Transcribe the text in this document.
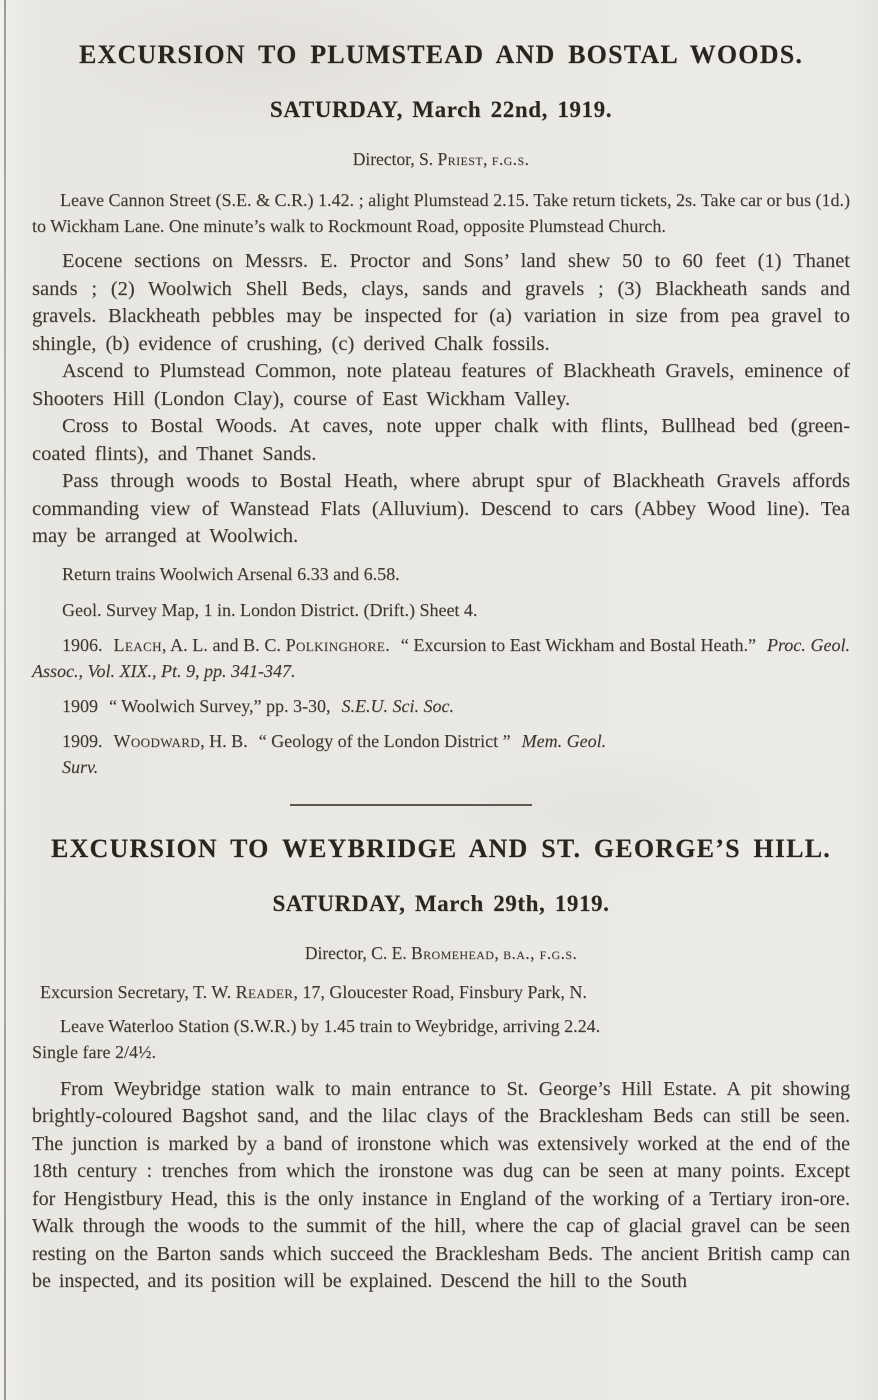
EXCURSION TO PLUMSTEAD AND BOSTAL WOODS.
SATURDAY, March 22nd, 1919.

Director, S. Priest, f.g.s.

Leave Cannon Street (S.E. & C.R.) 1.42. ; alight Plumstead 2.15. Take return tickets, 2s. Take car or bus (1d.) to Wickham Lane. One minute’s walk to Rockmount Road, opposite Plumstead Church.

Eocene sections on Messrs. E. Proctor and Sons’ land shew 50 to 60 feet (1) Thanet sands ; (2) Woolwich Shell Beds, clays, sands and gravels ; (3) Blackheath sands and gravels. Blackheath pebbles may be inspected for (a) variation in size from pea gravel to shingle, (b) evidence of crushing, (c) derived Chalk fossils.

Ascend to Plumstead Common, note plateau features of Blackheath Gravels, eminence of Shooters Hill (London Clay), course of East Wickham Valley.

Cross to Bostal Woods. At caves, note upper chalk with flints, Bullhead bed (green-coated flints), and Thanet Sands.

Pass through woods to Bostal Heath, where abrupt spur of Blackheath Gravels affords commanding view of Wanstead Flats (Alluvium). Descend to cars (Abbey Wood line). Tea may be arranged at Woolwich.

Return trains Woolwich Arsenal 6.33 and 6.58.

Geol. Survey Map, 1 in. London District. (Drift.) Sheet 4.

1906. Leach, A. L. and B. C. Polkinghore. “ Excursion to East Wickham and Bostal Heath.” Proc. Geol. Assoc., Vol. XIX., Pt. 9, pp. 341-347.

1909 “ Woolwich Survey,” pp. 3-30, S.E.U. Sci. Soc.

1909. Woodward, H. B. “ Geology of the London District ” Mem. Geol.
Surv.

EXCURSION TO WEYBRIDGE AND ST. GEORGE’S HILL.
SATURDAY, March 29th, 1919.

Director, C. E. Bromehead, b.a., f.g.s.

Excursion Secretary, T. W. Reader, 17, Gloucester Road, Finsbury Park, N.

Leave Waterloo Station (S.W.R.) by 1.45 train to Weybridge, arriving 2.24.
Single fare 2/4½.

From Weybridge station walk to main entrance to St. George’s Hill Estate. A pit showing brightly-coloured Bagshot sand, and the lilac clays of the Bracklesham Beds can still be seen. The junction is marked by a band of ironstone which was extensively worked at the end of the 18th century : trenches from which the ironstone was dug can be seen at many points. Except for Hengistbury Head, this is the only instance in England of the working of a Tertiary iron-ore. Walk through the woods to the summit of the hill, where the cap of glacial gravel can be seen resting on the Barton sands which succeed the Bracklesham Beds. The ancient British camp can be inspected, and its position will be explained. Descend the hill to the South
